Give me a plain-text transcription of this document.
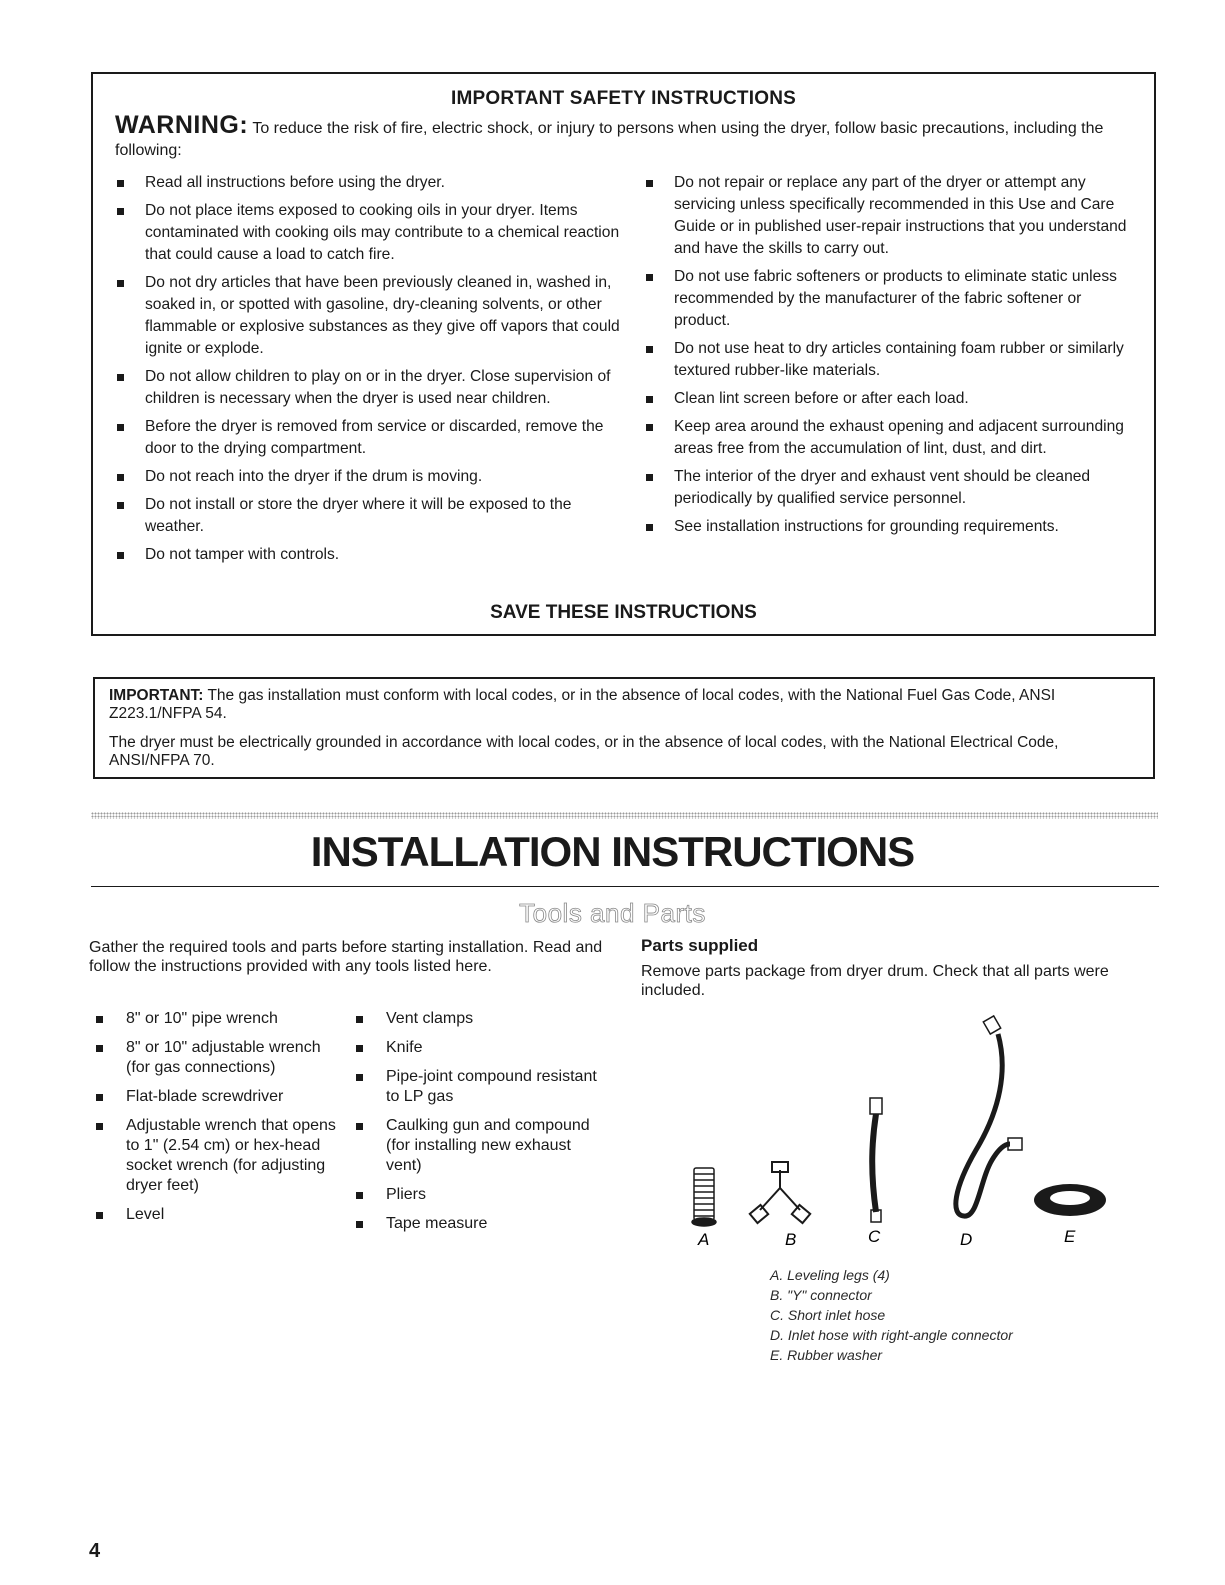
IMPORTANT SAFETY INSTRUCTIONS
WARNING: To reduce the risk of fire, electric shock, or injury to persons when using the dryer, follow basic precautions, including the following:
Read all instructions before using the dryer.
Do not place items exposed to cooking oils in your dryer. Items contaminated with cooking oils may contribute to a chemical reaction that could cause a load to catch fire.
Do not dry articles that have been previously cleaned in, washed in, soaked in, or spotted with gasoline, dry-cleaning solvents, or other flammable or explosive substances as they give off vapors that could ignite or explode.
Do not allow children to play on or in the dryer. Close supervision of children is necessary when the dryer is used near children.
Before the dryer is removed from service or discarded, remove the door to the drying compartment.
Do not reach into the dryer if the drum is moving.
Do not install or store the dryer where it will be exposed to the weather.
Do not tamper with controls.
Do not repair or replace any part of the dryer or attempt any servicing unless specifically recommended in this Use and Care Guide or in published user-repair instructions that you understand and have the skills to carry out.
Do not use fabric softeners or products to eliminate static unless recommended by the manufacturer of the fabric softener or product.
Do not use heat to dry articles containing foam rubber or similarly textured rubber-like materials.
Clean lint screen before or after each load.
Keep area around the exhaust opening and adjacent surrounding areas free from the accumulation of lint, dust, and dirt.
The interior of the dryer and exhaust vent should be cleaned periodically by qualified service personnel.
See installation instructions for grounding requirements.
SAVE THESE INSTRUCTIONS
IMPORTANT: The gas installation must conform with local codes, or in the absence of local codes, with the National Fuel Gas Code, ANSI Z223.1/NFPA 54.
The dryer must be electrically grounded in accordance with local codes, or in the absence of local codes, with the National Electrical Code, ANSI/NFPA 70.
INSTALLATION INSTRUCTIONS
Tools and Parts
Gather the required tools and parts before starting installation. Read and follow the instructions provided with any tools listed here.
8" or 10" pipe wrench
8" or 10" adjustable wrench (for gas connections)
Flat-blade screwdriver
Adjustable wrench that opens to 1" (2.54 cm) or hex-head socket wrench (for adjusting dryer feet)
Level
Vent clamps
Knife
Pipe-joint compound resistant to LP gas
Caulking gun and compound (for installing new exhaust vent)
Pliers
Tape measure
Parts supplied
Remove parts package from dryer drum. Check that all parts were included.
A	B	C	D	E
A. Leveling legs (4)
B. "Y" connector
C. Short inlet hose
D. Inlet hose with right-angle connector
E. Rubber washer
4
